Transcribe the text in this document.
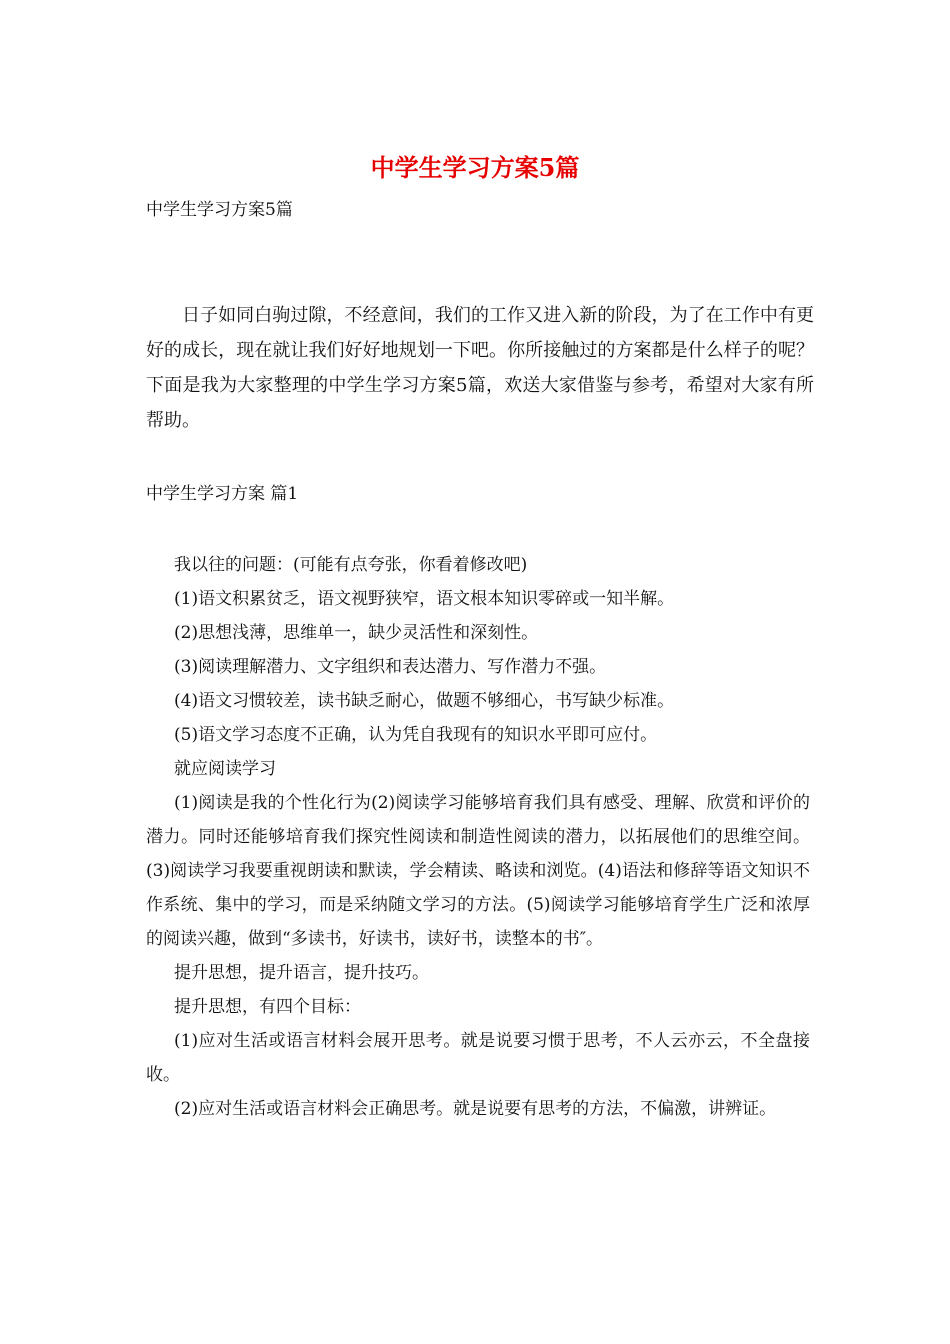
中学生学习方案5篇
中学生学习方案5篇

日子如同白驹过隙，不经意间，我们的工作又进入新的阶段，为了在工作中有更好的成长，现在就让我们好好地规划一下吧。你所接触过的方案都是什么样子的呢？下面是我为大家整理的中学生学习方案5篇，欢送大家借鉴与参考，希望对大家有所帮助。

中学生学习方案 篇1

我以往的问题：(可能有点夸张，你看着修改吧)

(1)语文积累贫乏，语文视野狭窄，语文根本知识零碎或一知半解。

(2)思想浅薄，思维单一，缺少灵活性和深刻性。

(3)阅读理解潜力、文字组织和表达潜力、写作潜力不强。

(4)语文习惯较差，读书缺乏耐心，做题不够细心，书写缺少标准。

(5)语文学习态度不正确，认为凭自我现有的知识水平即可应付。

就应阅读学习

(1)阅读是我的个性化行为(2)阅读学习能够培育我们具有感受、理解、欣赏和评价的潜力。同时还能够培育我们探究性阅读和制造性阅读的潜力，以拓展他们的思维空间。(3)阅读学习我要重视朗读和默读，学会精读、略读和浏览。(4)语法和修辞等语文知识不作系统、集中的学习，而是采纳随文学习的方法。(5)阅读学习能够培育学生广泛和浓厚的阅读兴趣，做到“多读书，好读书，读好书，读整本的书″。

提升思想，提升语言，提升技巧。

提升思想，有四个目标：

(1)应对生活或语言材料会展开思考。就是说要习惯于思考，不人云亦云，不全盘接收。

(2)应对生活或语言材料会正确思考。就是说要有思考的方法，不偏激，讲辨证。
